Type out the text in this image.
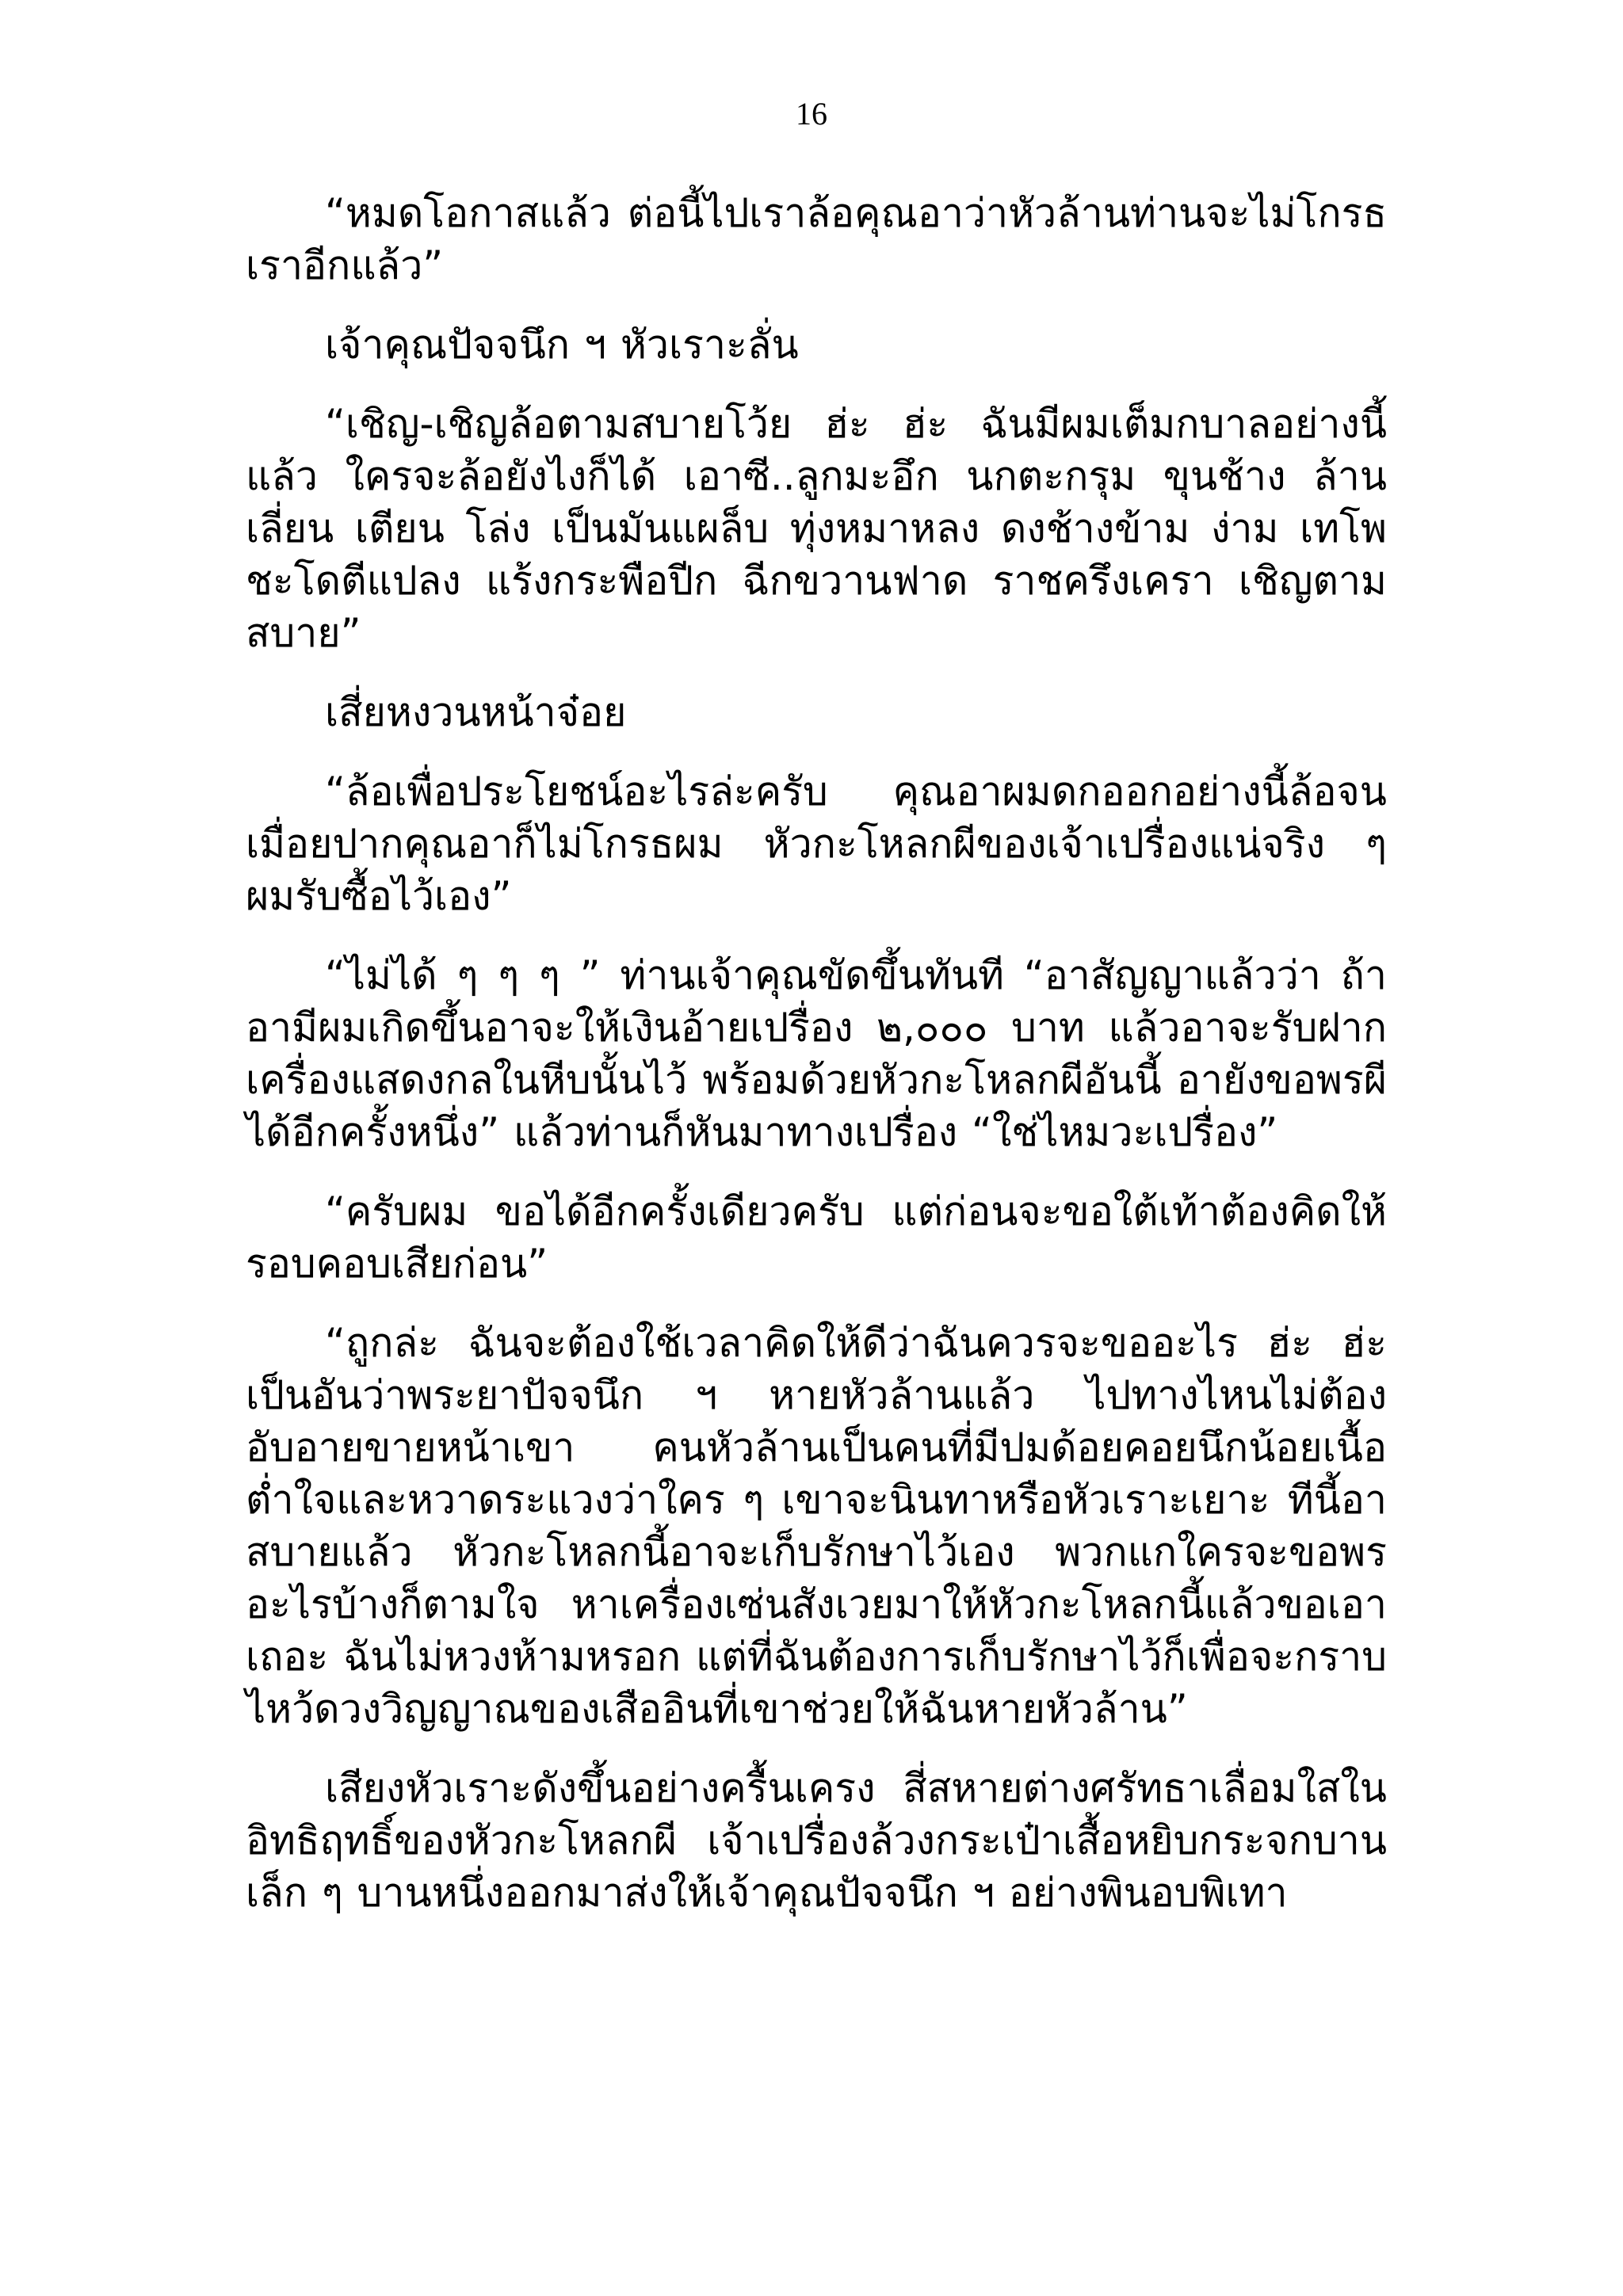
16

“หมดโอกาสแล้ว ต่อนี้ไปเราล้อคุณอาว่าหัวล้านท่านจะไม่โกรธเราอีกแล้ว”

เจ้าคุณปัจจนึก ฯ หัวเราะลั่น

“เชิญ-เชิญล้อตามสบายโว้ย ฮ่ะ ฮ่ะ ฉันมีผมเต็มกบาลอย่างนี้แล้ว ใครจะล้อยังไงก็ได้ เอาซี..ลูกมะอึก นกตะกรุม ขุนช้าง ล้าน เลี่ยน เตียน โล่ง เป็นมันแผล็บ ทุ่งหมาหลง ดงช้างข้าม ง่าม เทโพ ชะโดตีแปลง แร้งกระพือปีก ฉีกขวานฟาด ราชครึงเครา เชิญตามสบาย”

เสี่ยหงวนหน้าจ๋อย

“ล้อเพื่อประโยชน์อะไรล่ะครับ คุณอาผมดกออกอย่างนี้ล้อจนเมื่อยปากคุณอาก็ไม่โกรธผม หัวกะโหลกผีของเจ้าเปรื่องแน่จริง ๆ ผมรับซื้อไว้เอง”

“ไม่ได้ ๆ ๆ ๆ ” ท่านเจ้าคุณขัดขึ้นทันที “อาสัญญาแล้วว่า ถ้าอามีผมเกิดขึ้นอาจะให้เงินอ้ายเปรื่อง ๒,๐๐๐ บาท แล้วอาจะรับฝากเครื่องแสดงกลในหีบนั้นไว้ พร้อมด้วยหัวกะโหลกผีอันนี้ อายังขอพรผีได้อีกครั้งหนึ่ง” แล้วท่านก็หันมาทางเปรื่อง “ใช่ไหมวะเปรื่อง”

“ครับผม ขอได้อีกครั้งเดียวครับ แต่ก่อนจะขอใต้เท้าต้องคิดให้รอบคอบเสียก่อน”

“ถูกล่ะ ฉันจะต้องใช้เวลาคิดให้ดีว่าฉันควรจะขออะไร ฮ่ะ ฮ่ะ เป็นอันว่าพระยาปัจจนึก ฯ หายหัวล้านแล้ว ไปทางไหนไม่ต้องอับอายขายหน้าเขา คนหัวล้านเป็นคนที่มีปมด้อยคอยนึกน้อยเนื้อต่ำใจและหวาดระแวงว่าใคร ๆ เขาจะนินทาหรือหัวเราะเยาะ ทีนี้อาสบายแล้ว หัวกะโหลกนี้อาจะเก็บรักษาไว้เอง พวกแกใครจะขอพรอะไรบ้างก็ตามใจ หาเครื่องเซ่นสังเวยมาให้หัวกะโหลกนี้แล้วขอเอาเถอะ ฉันไม่หวงห้ามหรอก แต่ที่ฉันต้องการเก็บรักษาไว้ก็เพื่อจะกราบไหว้ดวงวิญญาณของเสืออินที่เขาช่วยให้ฉันหายหัวล้าน”

เสียงหัวเราะดังขึ้นอย่างครื้นเครง สี่สหายต่างศรัทธาเลื่อมใสในอิทธิฤทธิ์ของหัวกะโหลกผี เจ้าเปรื่องล้วงกระเป๋าเสื้อหยิบกระจกบานเล็ก ๆ บานหนึ่งออกมาส่งให้เจ้าคุณปัจจนึก ฯ อย่างพินอบพิเทา
